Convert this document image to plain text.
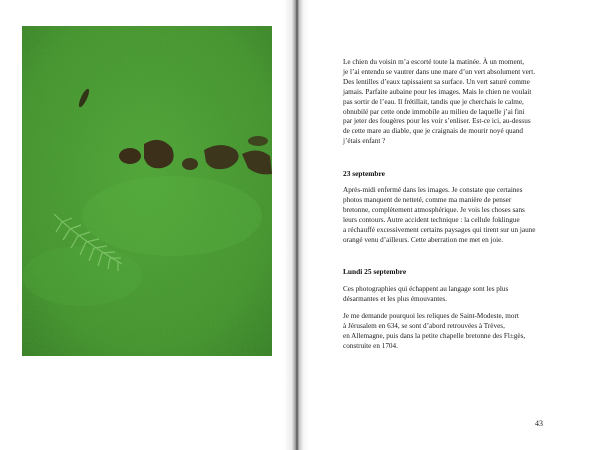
Le chien du voisin m’a escorté toute la matinée. À un moment,
je l’ai entendu se vautrer dans une mare d’un vert absolument vert.
Des lentilles d’eaux tapissaient sa surface. Un vert saturé comme
jamais. Parfaite aubaine pour les images. Mais le chien ne voulait
pas sortir de l’eau. Il frétillait, tandis que je cherchais le calme,
obnubilé par cette onde immobile au milieu de laquelle j’ai fini
par jeter des fougères pour les voir s’enliser. Est-ce ici, au-dessus
de cette mare au diable, que je craignais de mourir noyé quand
j’étais enfant ?

23 septembre

Après-midi enfermé dans les images. Je constate que certaines
photos manquent de netteté, comme ma manière de penser
bretonne, complètement atmosphérique. Je vois les choses sans
leurs contours. Autre accident technique : la cellule foklingue
a réchauffé excessivement certains paysages qui tirent sur un jaune
orangé venu d’ailleurs. Cette aberration me met en joie.

Lundi 25 septembre

Ces photographies qui échappent au langage sont les plus
désarmantes et les plus émouvantes.

Je me demande pourquoi les reliques de Saint-Modeste, mort
à Jérusalem en 634, se sont d’abord retrouvées à Trèves,
en Allemagne, puis dans la petite chapelle bretonne des Fl±gès,
construite en 1704.

43
